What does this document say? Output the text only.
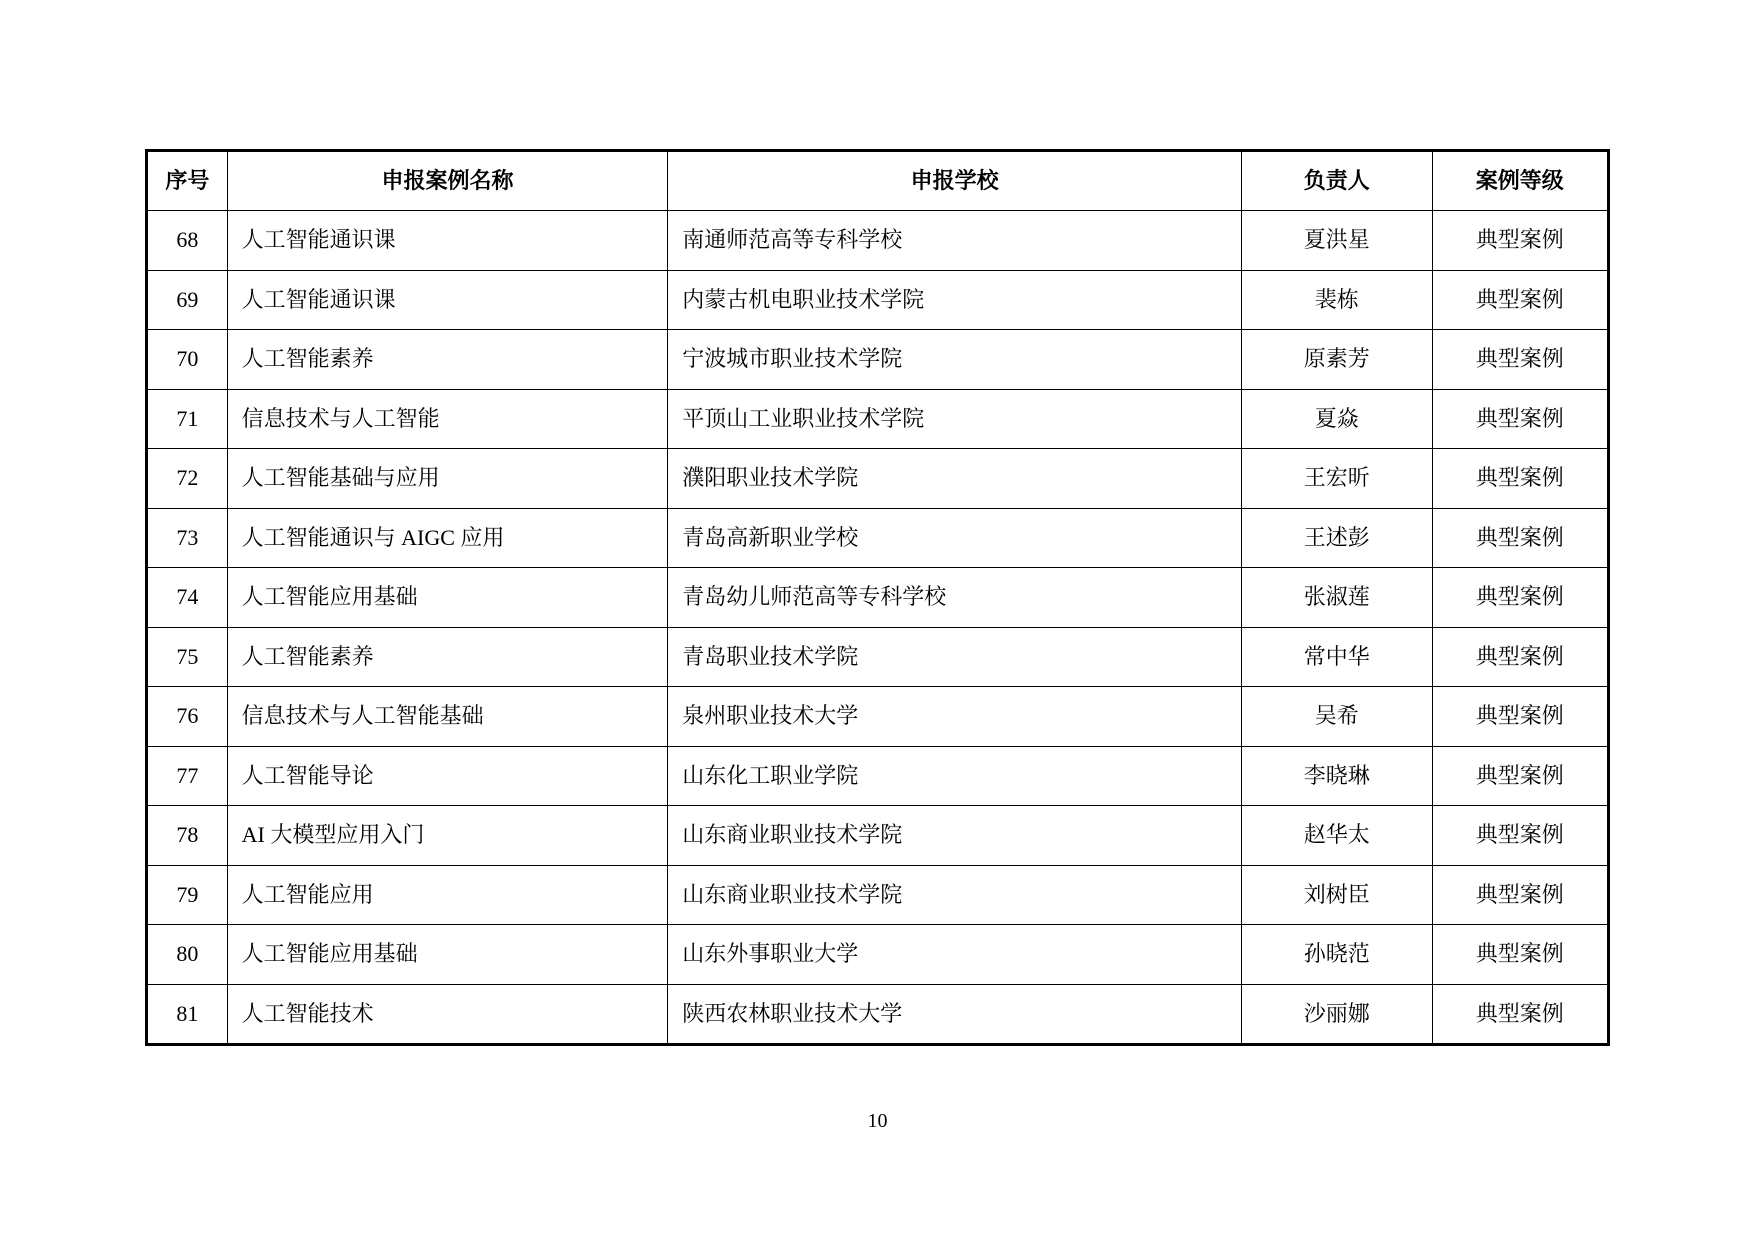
序号	申报案例名称	申报学校	负责人	案例等级
68	人工智能通识课	南通师范高等专科学校	夏洪星	典型案例
69	人工智能通识课	内蒙古机电职业技术学院	裴栋	典型案例
70	人工智能素养	宁波城市职业技术学院	原素芳	典型案例
71	信息技术与人工智能	平顶山工业职业技术学院	夏焱	典型案例
72	人工智能基础与应用	濮阳职业技术学院	王宏昕	典型案例
73	人工智能通识与 AIGC 应用	青岛高新职业学校	王述彭	典型案例
74	人工智能应用基础	青岛幼儿师范高等专科学校	张淑莲	典型案例
75	人工智能素养	青岛职业技术学院	常中华	典型案例
76	信息技术与人工智能基础	泉州职业技术大学	吴希	典型案例
77	人工智能导论	山东化工职业学院	李晓琳	典型案例
78	AI 大模型应用入门	山东商业职业技术学院	赵华太	典型案例
79	人工智能应用	山东商业职业技术学院	刘树臣	典型案例
80	人工智能应用基础	山东外事职业大学	孙晓范	典型案例
81	人工智能技术	陕西农林职业技术大学	沙丽娜	典型案例
10
